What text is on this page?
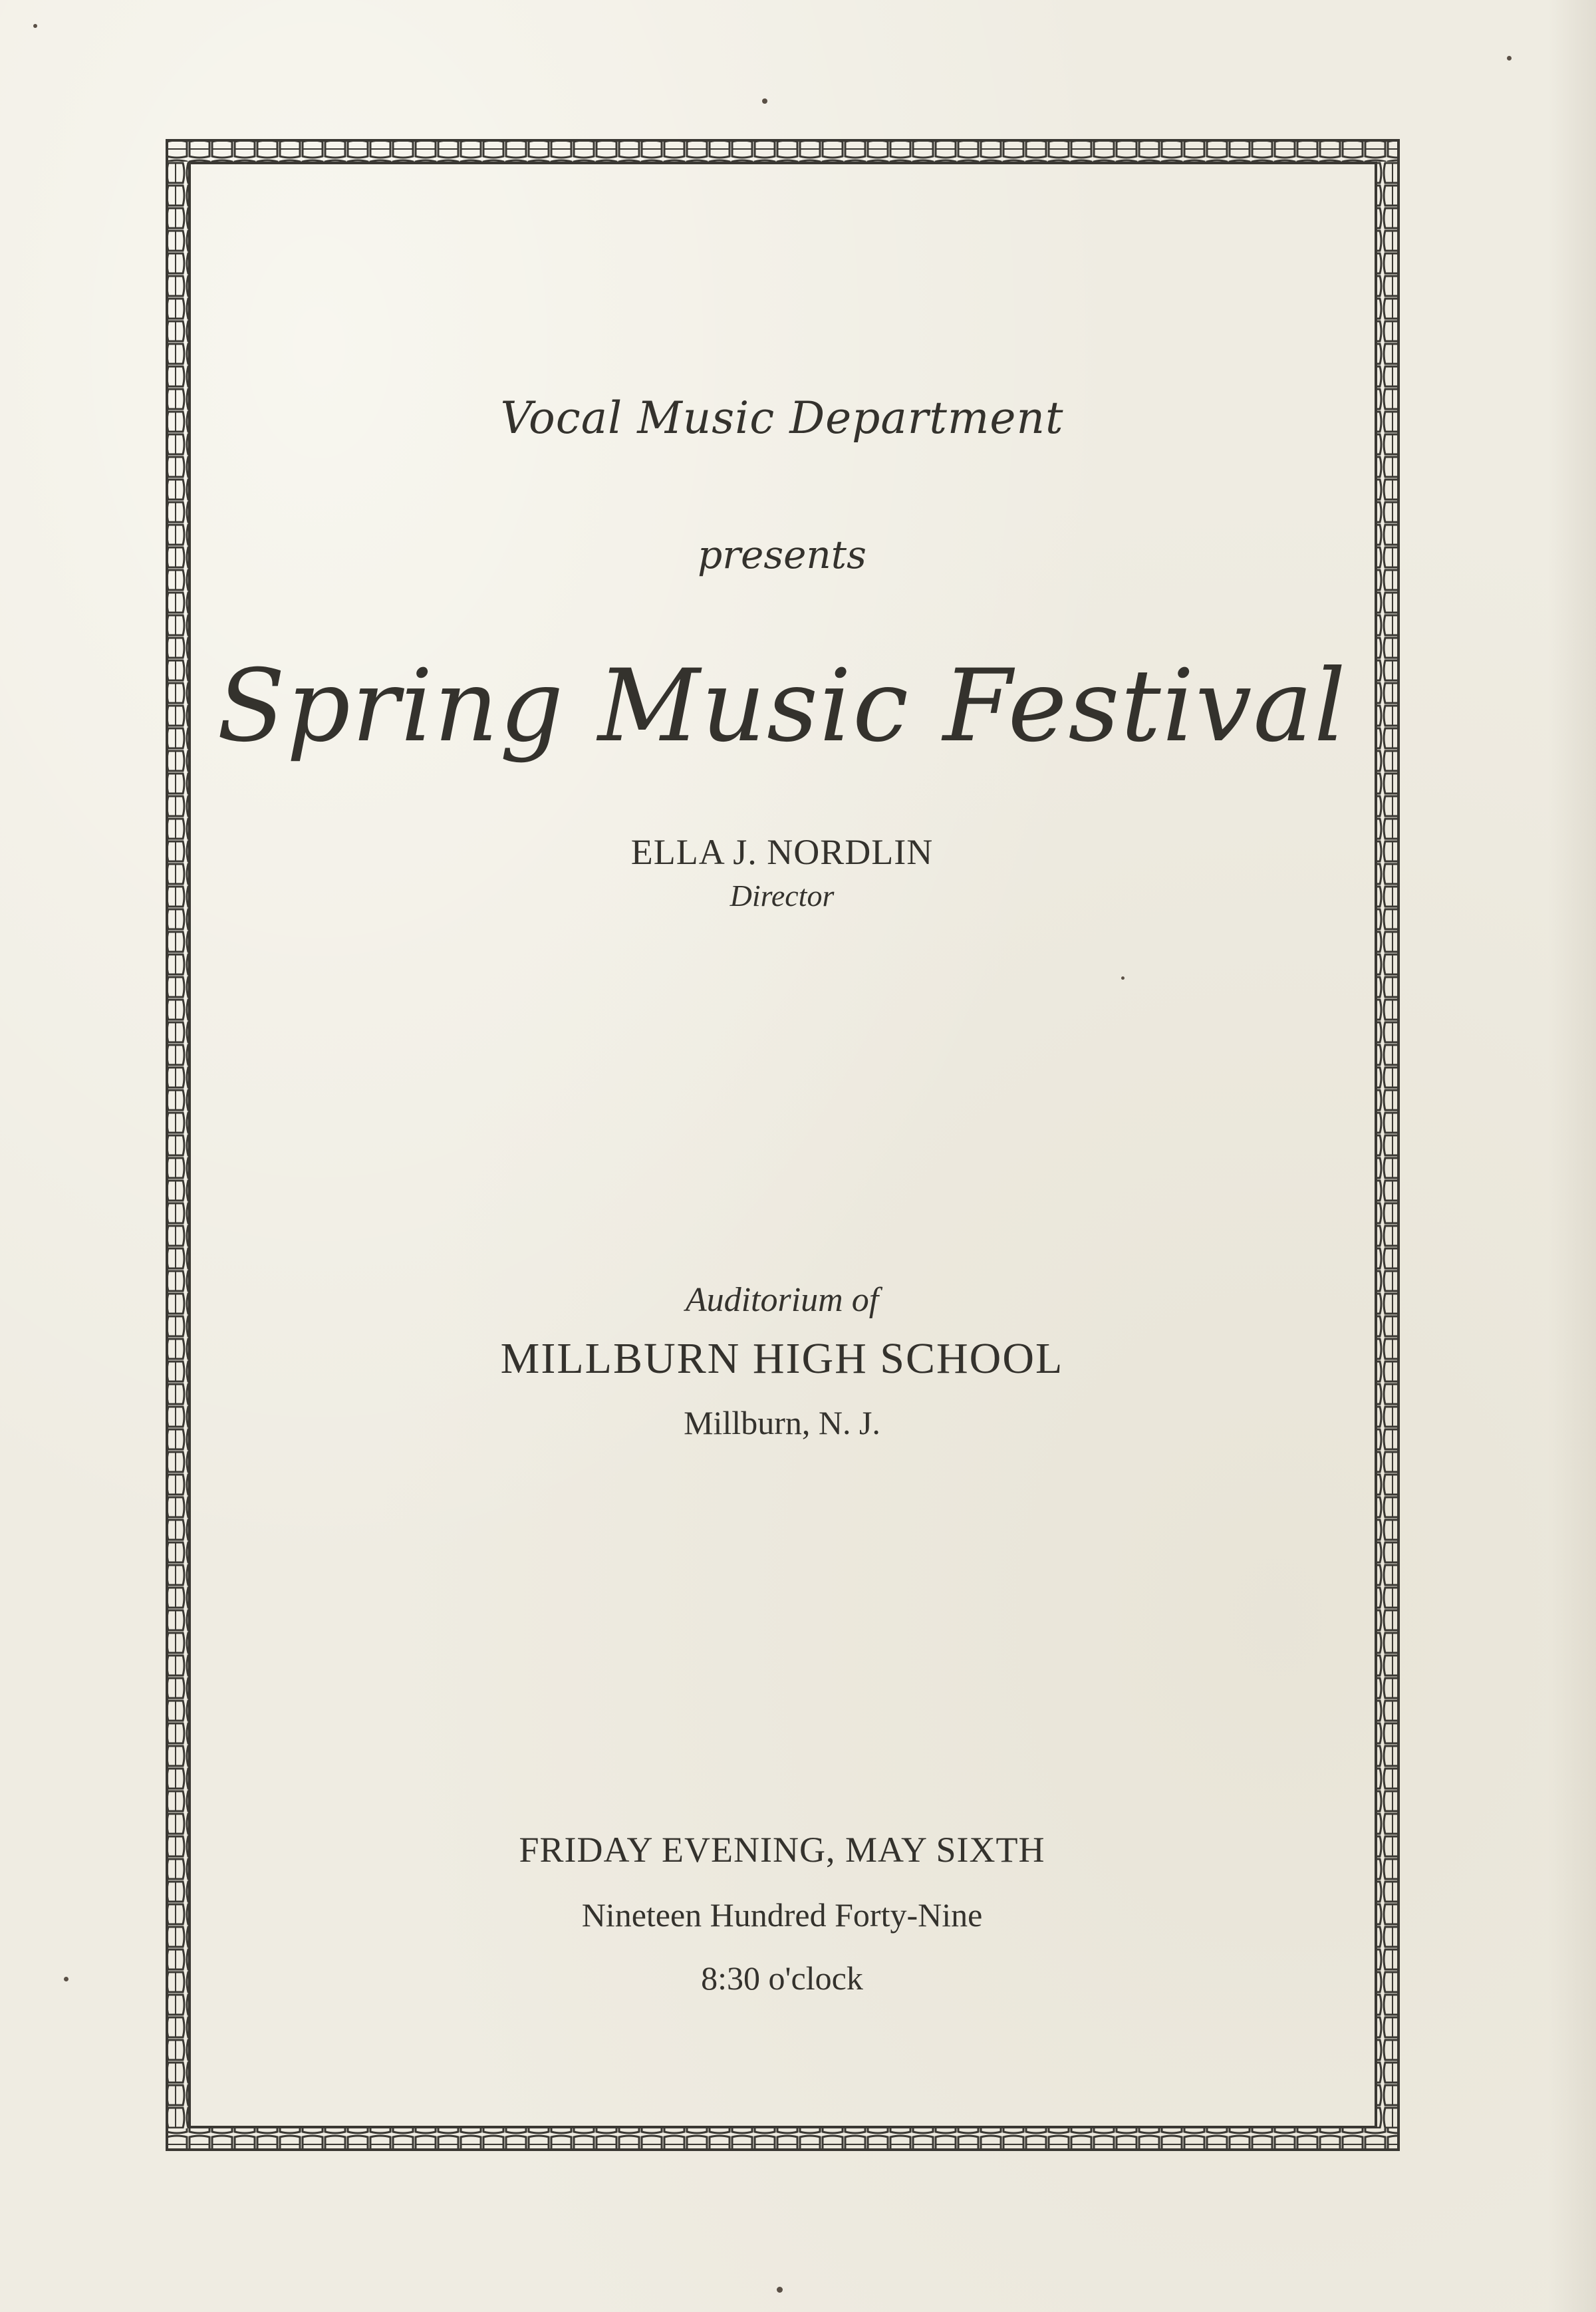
Vocal Music Department
presents
Spring Music Festival
ELLA J. NORDLIN
Director
Auditorium of
MILLBURN HIGH SCHOOL
Millburn, N. J.
FRIDAY EVENING, MAY SIXTH
Nineteen Hundred Forty-Nine
8:30 o'clock
